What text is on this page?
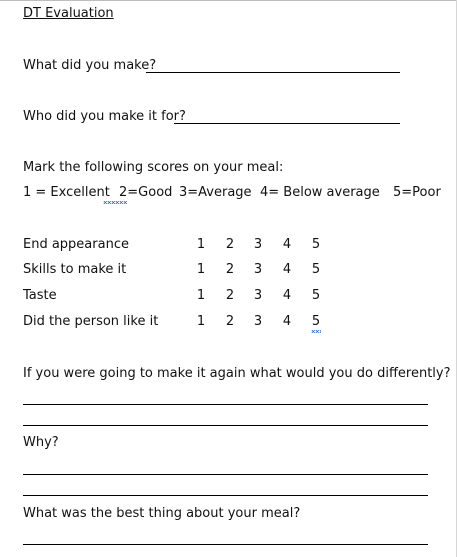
DT Evaluation
What did you make?
Who did you make it for?
Mark the following scores on your meal:
1 = Excellent 2=Good 3=Average 4= Below average 5=Poor
End appearance	1 2 3 4 5
Skills to make it	1 2 3 4 5
Taste	1 2 3 4 5
Did the person like it	1 2 3 4 5
If you were going to make it again what would you do differently?
Why?
What was the best thing about your meal?
